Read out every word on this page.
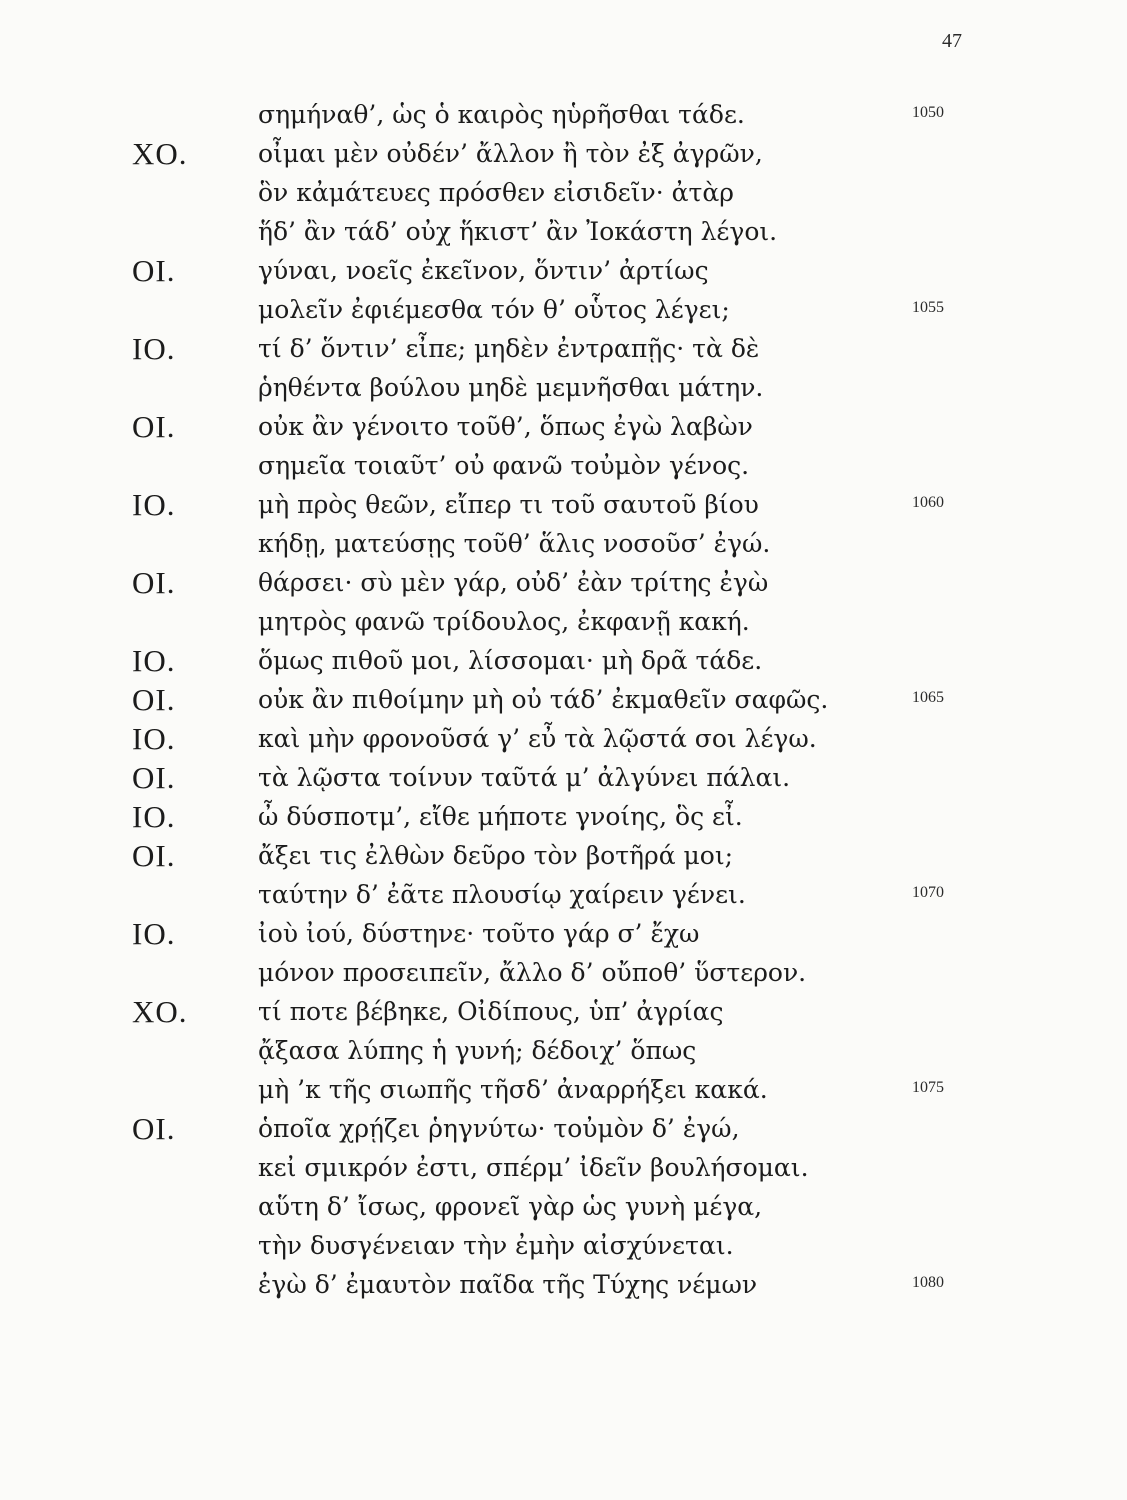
47
σημήναθ’, ὡς ὁ καιρὸς ηὑρῆσθαι τάδε.	1050
ΧΟ.	οἶμαι μὲν οὐδέν’ ἄλλον ἢ τὸν ἐξ ἀγρῶν,
ὃν κἀμάτευες πρόσθεν εἰσιδεῖν· ἀτὰρ
ἥδ’ ἂν τάδ’ οὐχ ἥκιστ’ ἂν Ἰοκάστη λέγοι.
ΟΙ.	γύναι, νοεῖς ἐκεῖνον, ὅντιν’ ἀρτίως
μολεῖν ἐφιέμεσθα τόν θ’ οὗτος λέγει;	1055
ΙΟ.	τί δ’ ὅντιν’ εἶπε; μηδὲν ἐντραπῇς· τὰ δὲ
ῥηθέντα βούλου μηδὲ μεμνῆσθαι μάτην.
ΟΙ.	οὐκ ἂν γένοιτο τοῦθ’, ὅπως ἐγὼ λαβὼν
σημεῖα τοιαῦτ’ οὐ φανῶ τοὐμὸν γένος.
ΙΟ.	μὴ πρὸς θεῶν, εἴπερ τι τοῦ σαυτοῦ βίου	1060
κήδῃ, ματεύσῃς τοῦθ’ ἅλις νοσοῦσ’ ἐγώ.
ΟΙ.	θάρσει· σὺ μὲν γάρ, οὐδ’ ἐὰν τρίτης ἐγὼ
μητρὸς φανῶ τρίδουλος, ἐκφανῇ κακή.
ΙΟ.	ὅμως πιθοῦ μοι, λίσσομαι· μὴ δρᾶ τάδε.
ΟΙ.	οὐκ ἂν πιθοίμην μὴ οὐ τάδ’ ἐκμαθεῖν σαφῶς.	1065
ΙΟ.	καὶ μὴν φρονοῦσά γ’ εὖ τὰ λῷστά σοι λέγω.
ΟΙ.	τὰ λῷστα τοίνυν ταῦτά μ’ ἀλγύνει πάλαι.
ΙΟ.	ὦ δύσποτμ’, εἴθε μήποτε γνοίης, ὃς εἶ.
ΟΙ.	ἄξει τις ἐλθὼν δεῦρο τὸν βοτῆρά μοι;
ταύτην δ’ ἐᾶτε πλουσίῳ χαίρειν γένει.	1070
ΙΟ.	ἰοὺ ἰού, δύστηνε· τοῦτο γάρ σ’ ἔχω
μόνον προσειπεῖν, ἄλλο δ’ οὔποθ’ ὕστερον.
ΧΟ.	τί ποτε βέβηκε, Οἰδίπους, ὑπ’ ἀγρίας
ᾄξασα λύπης ἡ γυνή; δέδοιχ’ ὅπως
μὴ ’κ τῆς σιωπῆς τῆσδ’ ἀναρρήξει κακά.	1075
ΟΙ.	ὁποῖα χρῄζει ῥηγνύτω· τοὐμὸν δ’ ἐγώ,
κεἰ σμικρόν ἐστι, σπέρμ’ ἰδεῖν βουλήσομαι.
αὕτη δ’ ἴσως, φρονεῖ γὰρ ὡς γυνὴ μέγα,
τὴν δυσγένειαν τὴν ἐμὴν αἰσχύνεται.
ἐγὼ δ’ ἐμαυτὸν παῖδα τῆς Τύχης νέμων	1080
